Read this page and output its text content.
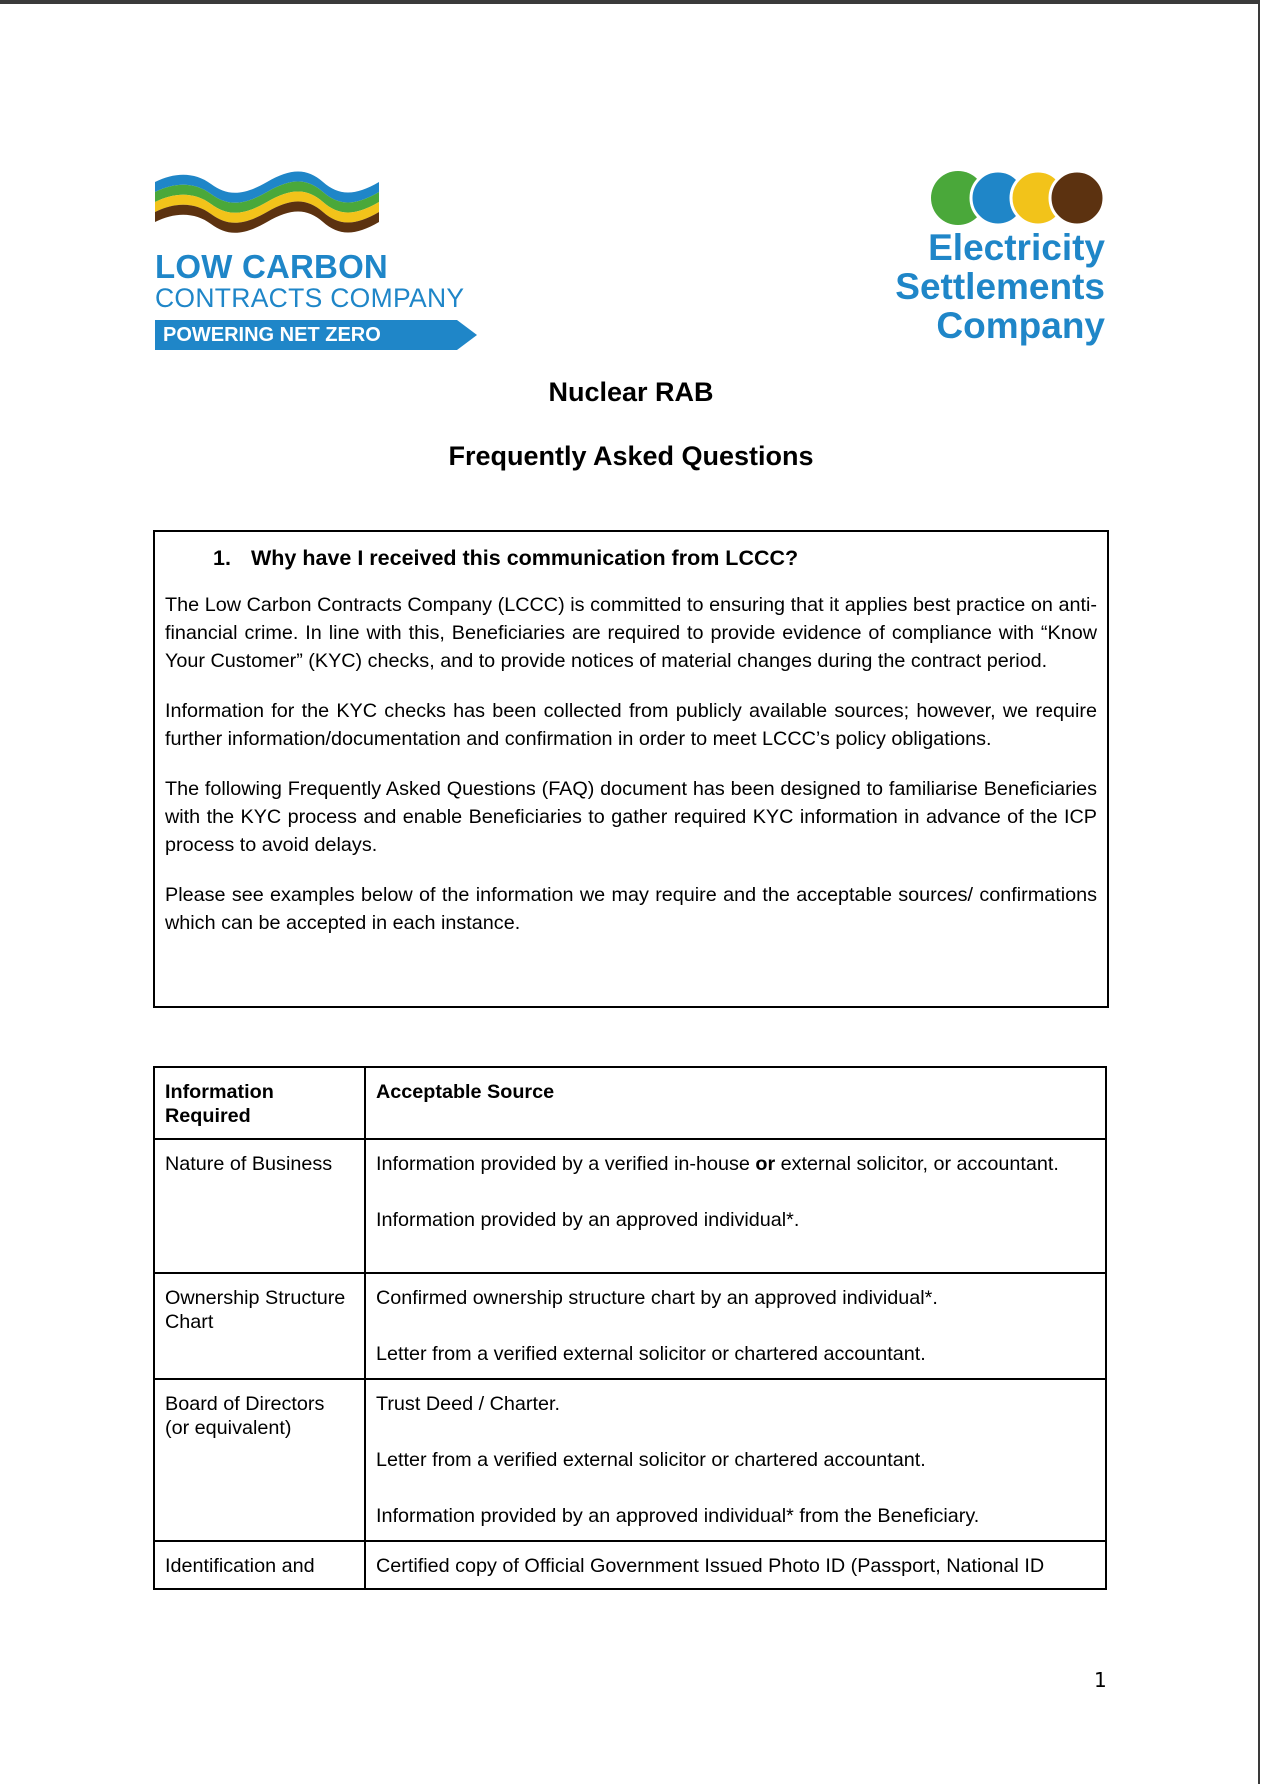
LOW CARBON
CONTRACTS COMPANY
POWERING NET ZERO
Electricity
Settlements
Company
Nuclear RAB
Frequently Asked Questions
1. Why have I received this communication from LCCC?

The Low Carbon Contracts Company (LCCC) is committed to ensuring that it applies best practice on anti-financial crime. In line with this, Beneficiaries are required to provide evidence of compliance with “Know Your Customer” (KYC) checks, and to provide notices of material changes during the contract period.

Information for the KYC checks has been collected from publicly available sources; however, we require further information/documentation and confirmation in order to meet LCCC’s policy obligations.

The following Frequently Asked Questions (FAQ) document has been designed to familiarise Beneficiaries with the KYC process and enable Beneficiaries to gather required KYC information in advance of the ICP process to avoid delays.

Please see examples below of the information we may require and the acceptable sources/ confirmations which can be accepted in each instance.

Information Required	Acceptable Source
Nature of Business	Information provided by a verified in-house or external solicitor, or accountant.

Information provided by an approved individual*.

Ownership Structure Chart	Confirmed ownership structure chart by an approved individual*.

Letter from a verified external solicitor or chartered accountant.

Board of Directors (or equivalent)	Trust Deed / Charter.

Letter from a verified external solicitor or chartered accountant.

Information provided by an approved individual* from the Beneficiary.

Identification and	Certified copy of Official Government Issued Photo ID (Passport, National ID

1
